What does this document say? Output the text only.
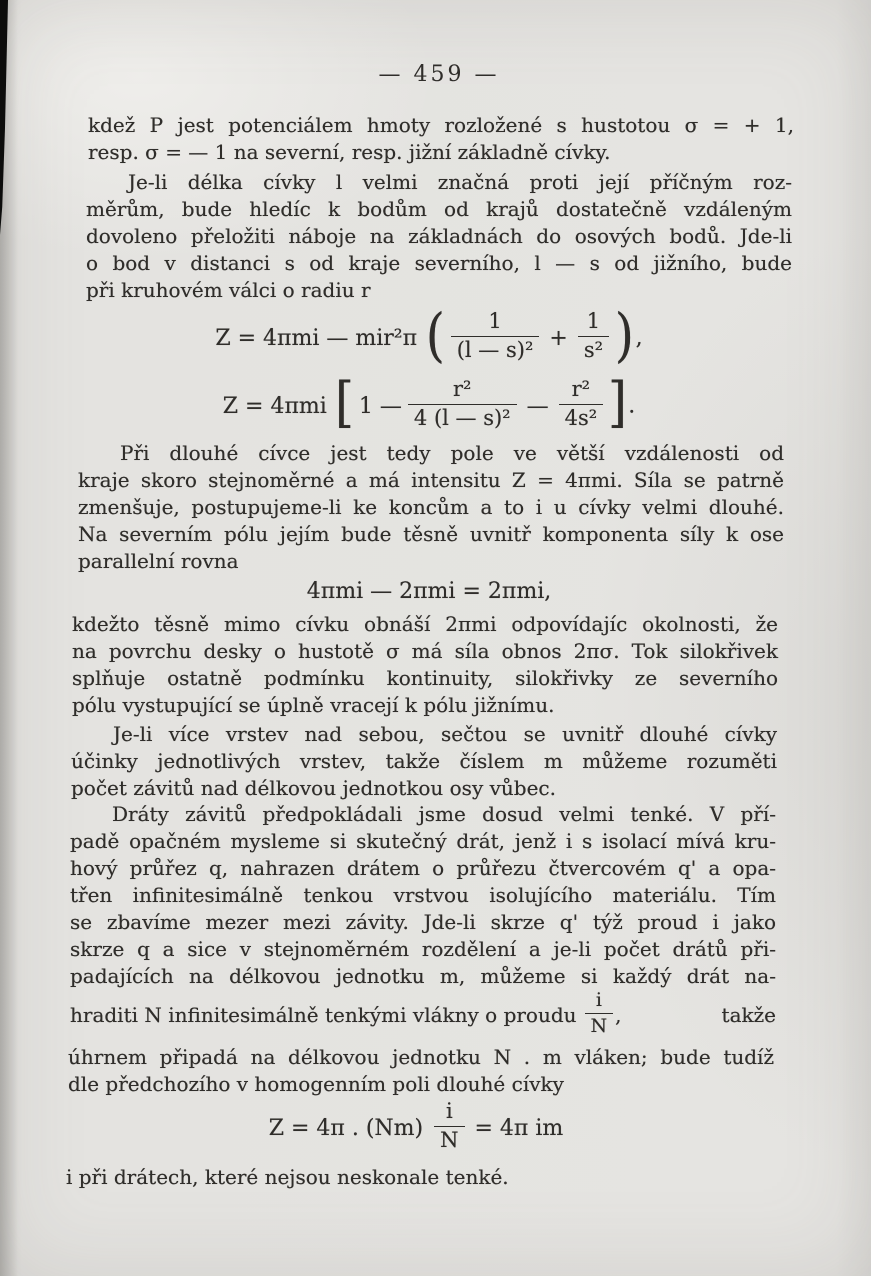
— 459 —
kdež P jest potenciálem hmoty rozložené s hustotou σ = + 1,
resp. σ = — 1 na severní, resp. jižní základně cívky.
Je-li délka cívky l velmi značná proti její příčným roz-
měrům, bude hledíc k bodům od krajů dostatečně vzdáleným
dovoleno přeložiti náboje na základnách do osových bodů. Jde-li
o bod v distanci s od kraje severního, l — s od jižního, bude
při kruhovém válci o radiu r
Z = 4πmi — mir²π ( $\frac{1}{\text{(l — s)²}} + \frac{1}{\text{s²}}$ ),
Z = 4πmi [ 1 — $\frac{\text{r²}}{\text{4 (l — s)²}}$ — $\frac{\text{r²}}{\text{4s²}}$ ].
Při dlouhé cívce jest tedy pole ve větší vzdálenosti od
kraje skoro stejnoměrné a má intensitu Z = 4πmi. Síla se patrně
zmenšuje, postupujeme-li ke koncům a to i u cívky velmi dlouhé.
Na severním pólu jejím bude těsně uvnitř komponenta síly k ose
parallelní rovna
4πmi — 2πmi = 2πmi,
kdežto těsně mimo cívku obnáší 2πmi odpovídajíc okolnosti, že
na povrchu desky o hustotě σ má síla obnos 2πσ. Tok silokřivek
splňuje ostatně podmínku kontinuity, silokřivky ze severního
pólu vystupující se úplně vracejí k pólu jižnímu.
Je-li více vrstev nad sebou, sečtou se uvnitř dlouhé cívky
účinky jednotlivých vrstev, takže číslem m můžeme rozuměti
počet závitů nad délkovou jednotkou osy vůbec.
Dráty závitů předpokládali jsme dosud velmi tenké. V pří-
padě opačném mysleme si skutečný drát, jenž i s isolací mívá kru-
hový průřez q, nahrazen drátem o průřezu čtvercovém q' a opa-
třen infinitesimálně tenkou vrstvou isolujícího materiálu. Tím
se zbavíme mezer mezi závity. Jde-li skrze q' týž proud i jako
skrze q a sice v stejnoměrném rozdělení a je-li počet drátů při-
padajících na délkovou jednotku m, můžeme si každý drát na-
hraditi N infinitesimálně tenkými vlákny o proudu $\frac{i}{N}$ ,	takže
úhrnem připadá na délkovou jednotku N . m vláken; bude tudíž
dle předchozího v homogenním poli dlouhé cívky
Z = 4π . $(Nm) \frac{i}{N} = 4\pi$ im
i při drátech, které nejsou neskonale tenké.
